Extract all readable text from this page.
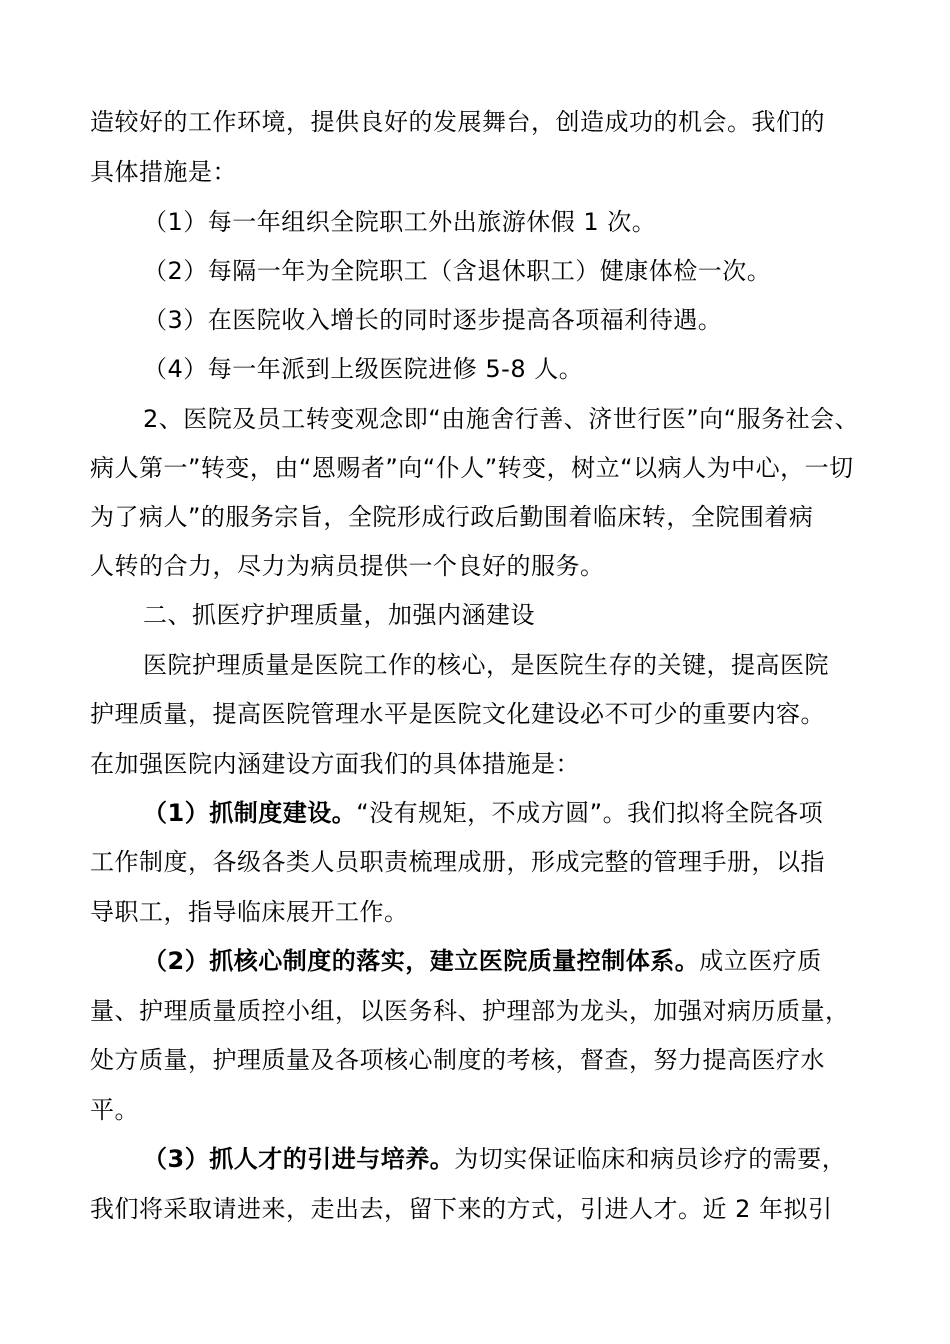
造较好的工作环境，提供良好的发展舞台，创造成功的机会。我们的
具体措施是：
（1）每一年组织全院职工外出旅游休假 1 次。
（2）每隔一年为全院职工（含退休职工）健康体检一次。
（3）在医院收入增长的同时逐步提高各项福利待遇。
（4）每一年派到上级医院进修 5-8 人。
2、医院及员工转变观念即“由施舍行善、济世行医”向“服务社会、
病人第一”转变，由“恩赐者”向“仆人”转变，树立“以病人为中心，一切
为了病人”的服务宗旨，全院形成行政后勤围着临床转，全院围着病
人转的合力，尽力为病员提供一个良好的服务。
二、抓医疗护理质量，加强内涵建设
医院护理质量是医院工作的核心，是医院生存的关键，提高医院
护理质量，提高医院管理水平是医院文化建设必不可少的重要内容。
在加强医院内涵建设方面我们的具体措施是：
（1）抓制度建设。“没有规矩，不成方圆”。我们拟将全院各项
工作制度，各级各类人员职责梳理成册，形成完整的管理手册，以指
导职工，指导临床展开工作。
（2）抓核心制度的落实，建立医院质量控制体系。成立医疗质
量、护理质量质控小组，以医务科、护理部为龙头，加强对病历质量，
处方质量，护理质量及各项核心制度的考核，督查，努力提高医疗水
平。
（3）抓人才的引进与培养。为切实保证临床和病员诊疗的需要，
我们将采取请进来，走出去，留下来的方式，引进人才。近 2 年拟引
